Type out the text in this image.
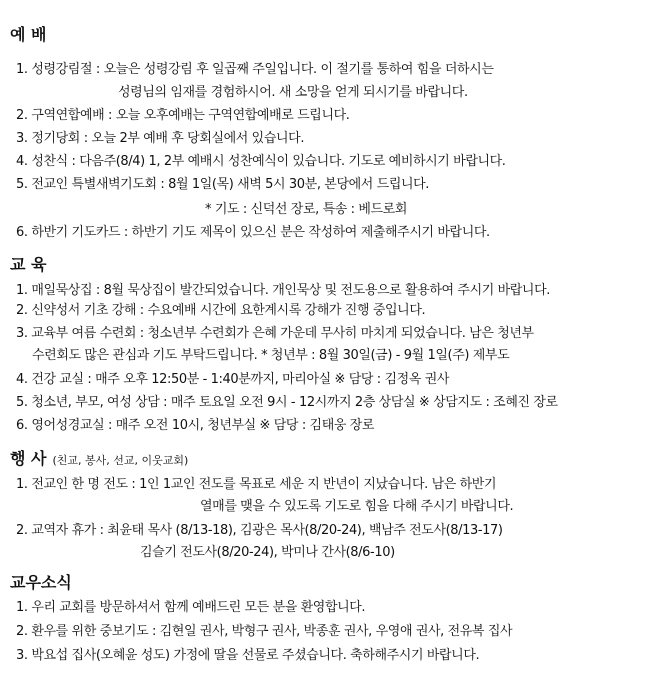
예 배
1. 성령강림절 : 오늘은 성령강림 후 일곱째 주일입니다. 이 절기를 통하여 힘을 더하시는
성령님의 임재를 경험하시어. 새 소망을 얻게 되시기를 바랍니다.
2. 구역연합예배 : 오늘 오후예배는 구역연합예배로 드립니다.
3. 정기당회 : 오늘 2부 예배 후 당회실에서 있습니다.
4. 성찬식 : 다음주(8/4) 1, 2부 예배시 성찬예식이 있습니다. 기도로 예비하시기 바랍니다.
5. 전교인 특별새벽기도회 : 8월 1일(목) 새벽 5시 30분, 본당에서 드립니다.
* 기도 : 신덕선 장로, 특송 : 베드로회
6. 하반기 기도카드 : 하반기 기도 제목이 있으신 분은 작성하여 제출해주시기 바랍니다.
교 육
1. 매일묵상집 : 8월 묵상집이 발간되었습니다. 개인묵상 및 전도용으로 활용하여 주시기 바랍니다.
2. 신약성서 기초 강해 : 수요예배 시간에 요한계시록 강해가 진행 중입니다.
3. 교육부 여름 수련회 : 청소년부 수련회가 은혜 가운데 무사히 마치게 되었습니다. 남은 청년부
수련회도 많은 관심과 기도 부탁드립니다. * 청년부 : 8월 30일(금) - 9월 1일(주) 제부도
4. 건강 교실 : 매주 오후 12:50분 - 1:40분까지, 마리아실 ※ 담당 : 김정옥 권사
5. 청소년, 부모, 여성 상담 : 매주 토요일 오전 9시 - 12시까지 2층 상담실 ※ 상담지도 : 조혜진 장로
6. 영어성경교실 : 매주 오전 10시, 청년부실 ※ 담당 : 김태웅 장로
행 사 (친교, 봉사, 선교, 이웃교회)
1. 전교인 한 명 전도 : 1인 1교인 전도를 목표로 세운 지 반년이 지났습니다. 남은 하반기
열매를 맺을 수 있도록 기도로 힘을 다해 주시기 바랍니다.
2. 교역자 휴가 : 최윤태 목사 (8/13-18), 김광은 목사(8/20-24), 백남주 전도사(8/13-17)
김슬기 전도사(8/20-24), 박미나 간사(8/6-10)
교우소식
1. 우리 교회를 방문하셔서 함께 예배드린 모든 분을 환영합니다.
2. 환우를 위한 중보기도 : 김현일 권사, 박형구 권사, 박종훈 권사, 우영애 권사, 전유복 집사
3. 박요섭 집사(오혜윤 성도) 가정에 딸을 선물로 주셨습니다. 축하해주시기 바랍니다.
